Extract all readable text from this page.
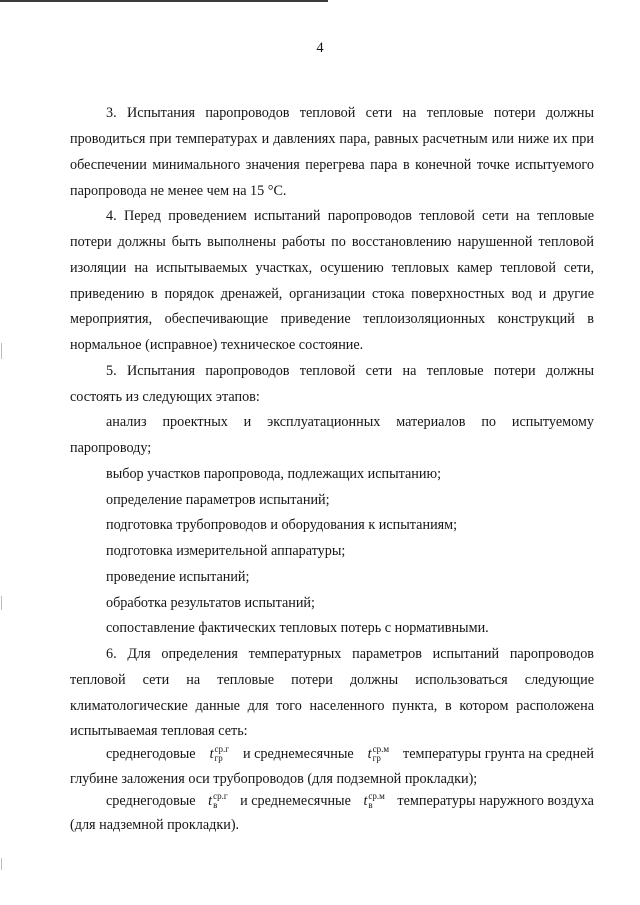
4
3. Испытания паропроводов тепловой сети на тепловые потери должны
проводиться при температурах и давлениях пара, равных расчетным или ниже их при
обеспечении минимального значения перегрева пара в конечной точке испытуемого
паропровода не менее чем на 15 °С.
4. Перед проведением испытаний паропроводов тепловой сети на тепловые
потери должны быть выполнены работы по восстановлению нарушенной тепловой
изоляции на испытываемых участках, осушению тепловых камер тепловой сети,
приведению в порядок дренажей, организации стока поверхностных вод и другие
мероприятия, обеспечивающие приведение теплоизоляционных конструкций в
нормальное (исправное) техническое состояние.
5. Испытания паропроводов тепловой сети на тепловые потери должны
состоять из следующих этапов:
анализ проектных и эксплуатационных материалов по испытуемому
паропроводу;
выбор участков паропровода, подлежащих испытанию;
определение параметров испытаний;
подготовка трубопроводов и оборудования к испытаниям;
подготовка измерительной аппаратуры;
проведение испытаний;
обработка результатов испытаний;
сопоставление фактических тепловых потерь с нормативными.
6. Для определения температурных параметров испытаний паропроводов
тепловой сети на тепловые потери должны использоваться следующие
климатологические данные для того населенного пункта, в котором расположена
испытываемая тепловая сеть:
среднегодовые t ср.г
гр	и среднемесячные t ср.м
гр	температуры грунта на средней
глубине заложения оси трубопроводов (для подземной прокладки);
среднегодовые t ср.г
в	и среднемесячные t ср.м
в	температуры наружного воздуха
(для надземной прокладки).
